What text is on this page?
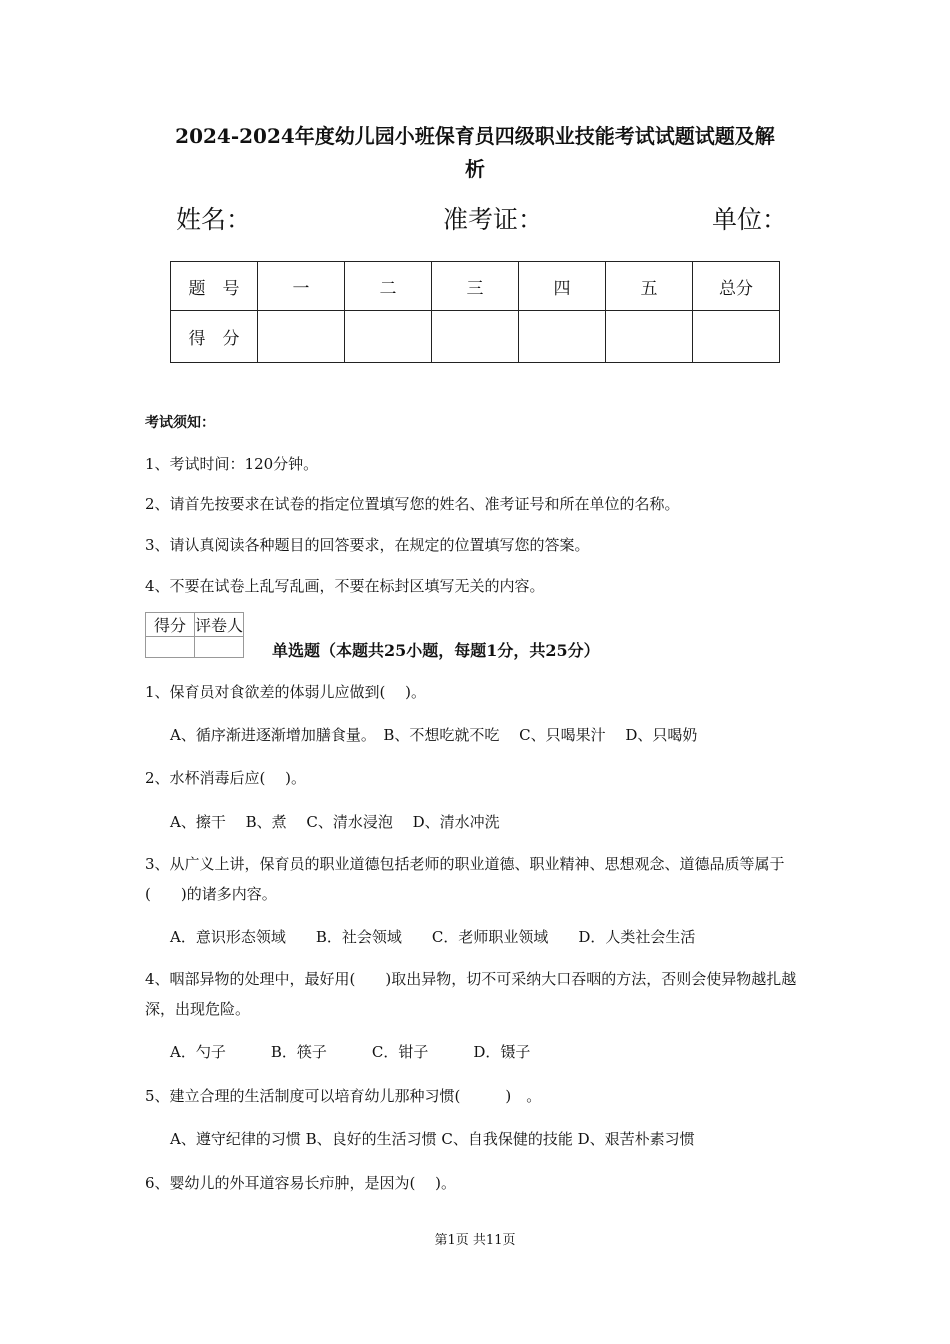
2024-2024年度幼儿园小班保育员四级职业技能考试试题试题及解
析
姓名：	准考证：	单位：
题　号	一	二	三	四	五	总分
得　分						
考试须知：
1、考试时间：120分钟。
2、请首先按要求在试卷的指定位置填写您的姓名、准考证号和所在单位的名称。
3、请认真阅读各种题目的回答要求，在规定的位置填写您的答案。
4、不要在试卷上乱写乱画，不要在标封区填写无关的内容。
得分	评卷人

单选题（本题共25小题，每题1分，共25分）
1、保育员对食欲差的体弱儿应做到(　 )。
A、循序渐进逐渐增加膳食量。　B、不想吃就不吃　 C、只喝果汁　 D、只喝奶
2、水杯消毒后应(　 )。
A、擦干　 B、煮　 C、清水浸泡　 D、清水冲洗
3、从广义上讲，保育员的职业道德包括老师的职业道德、职业精神、思想观念、道德品质等属于(　　)的诸多内容。
A．意识形态领域　　B．社会领域　　C．老师职业领域　　D．人类社会生活
4、咽部异物的处理中，最好用(　　)取出异物，切不可采纳大口吞咽的方法，否则会使异物越扎越深，出现危险。
A．勺子　　　B．筷子　　　C．钳子　　　D．镊子
5、建立合理的生活制度可以培育幼儿那种习惯(　　　)　。
A、遵守纪律的习惯 B、良好的生活习惯 C、自我保健的技能 D、艰苦朴素习惯
6、婴幼儿的外耳道容易长疖肿，是因为(　 )。
第1页 共11页
